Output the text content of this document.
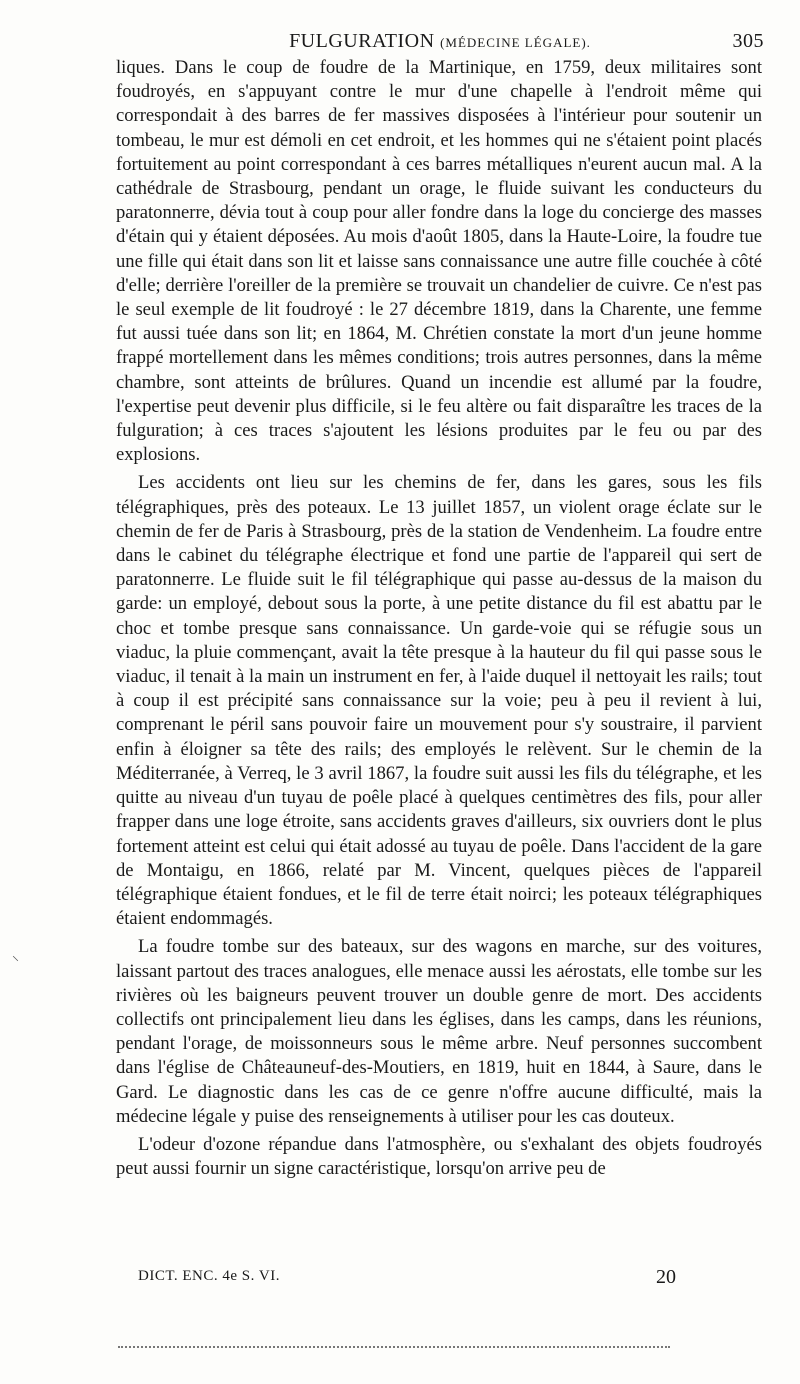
FULGURATION (MÉDECINE LÉGALE).	305

liques. Dans le coup de foudre de la Martinique, en 1759, deux militaires sont foudroyés, en s'appuyant contre le mur d'une chapelle à l'endroit même qui correspondait à des barres de fer massives disposées à l'intérieur pour soutenir un tombeau, le mur est démoli en cet endroit, et les hommes qui ne s'étaient point placés fortuitement au point correspondant à ces barres métalliques n'eurent aucun mal. A la cathédrale de Strasbourg, pendant un orage, le fluide suivant les conducteurs du paratonnerre, dévia tout à coup pour aller fondre dans la loge du concierge des masses d'étain qui y étaient déposées. Au mois d'août 1805, dans la Haute-Loire, la foudre tue une fille qui était dans son lit et laisse sans connaissance une autre fille couchée à côté d'elle; derrière l'oreiller de la première se trouvait un chandelier de cuivre. Ce n'est pas le seul exemple de lit foudroyé : le 27 décembre 1819, dans la Charente, une femme fut aussi tuée dans son lit; en 1864, M. Chrétien constate la mort d'un jeune homme frappé mortellement dans les mêmes conditions; trois autres personnes, dans la même chambre, sont atteints de brûlures. Quand un incendie est allumé par la foudre, l'expertise peut devenir plus difficile, si le feu altère ou fait disparaître les traces de la fulguration; à ces traces s'ajoutent les lésions produites par le feu ou par des explosions.

Les accidents ont lieu sur les chemins de fer, dans les gares, sous les fils télégraphiques, près des poteaux. Le 13 juillet 1857, un violent orage éclate sur le chemin de fer de Paris à Strasbourg, près de la station de Vendenheim. La foudre entre dans le cabinet du télégraphe électrique et fond une partie de l'appareil qui sert de paratonnerre. Le fluide suit le fil télégraphique qui passe au-dessus de la maison du garde: un employé, debout sous la porte, à une petite distance du fil est abattu par le choc et tombe presque sans connaissance. Un garde-voie qui se réfugie sous un viaduc, la pluie commençant, avait la tête presque à la hauteur du fil qui passe sous le viaduc, il tenait à la main un instrument en fer, à l'aide duquel il nettoyait les rails; tout à coup il est précipité sans connaissance sur la voie; peu à peu il revient à lui, comprenant le péril sans pouvoir faire un mouvement pour s'y soustraire, il parvient enfin à éloigner sa tête des rails; des employés le relèvent. Sur le chemin de la Méditerranée, à Verreq, le 3 avril 1867, la foudre suit aussi les fils du télégraphe, et les quitte au niveau d'un tuyau de poêle placé à quelques centimètres des fils, pour aller frapper dans une loge étroite, sans accidents graves d'ailleurs, six ouvriers dont le plus fortement atteint est celui qui était adossé au tuyau de poêle. Dans l'accident de la gare de Montaigu, en 1866, relaté par M. Vincent, quelques pièces de l'appareil télégraphique étaient fondues, et le fil de terre était noirci; les poteaux télégraphiques étaient endommagés.

La foudre tombe sur des bateaux, sur des wagons en marche, sur des voitures, laissant partout des traces analogues, elle menace aussi les aérostats, elle tombe sur les rivières où les baigneurs peuvent trouver un double genre de mort. Des accidents collectifs ont principalement lieu dans les églises, dans les camps, dans les réunions, pendant l'orage, de moissonneurs sous le même arbre. Neuf personnes succombent dans l'église de Châteauneuf-des-Moutiers, en 1819, huit en 1844, à Saure, dans le Gard. Le diagnostic dans les cas de ce genre n'offre aucune difficulté, mais la médecine légale y puise des renseignements à utiliser pour les cas douteux.

L'odeur d'ozone répandue dans l'atmosphère, ou s'exhalant des objets foudroyés peut aussi fournir un signe caractéristique, lorsqu'on arrive peu de

⸜
DICT. ENC. 4e S. VI.	20
